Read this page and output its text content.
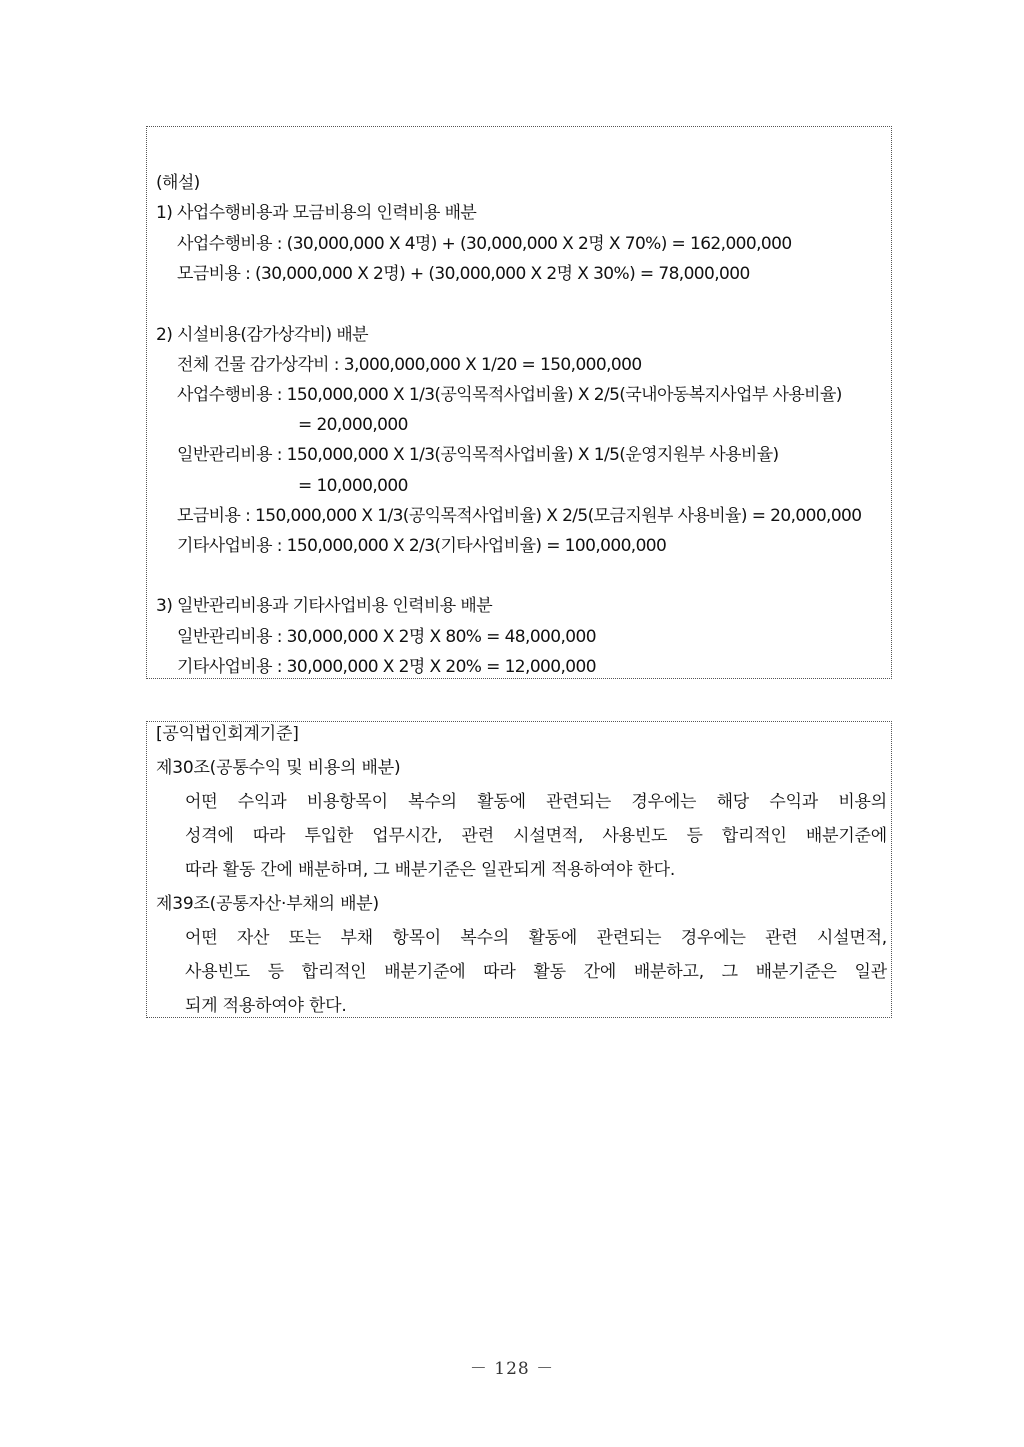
(해설)
1) 사업수행비용과 모금비용의 인력비용 배분
사업수행비용 : (30,000,000 X 4명) + (30,000,000 X 2명 X 70%) = 162,000,000
모금비용 : (30,000,000 X 2명) + (30,000,000 X 2명 X 30%) = 78,000,000
2) 시설비용(감가상각비) 배분
전체 건물 감가상각비 : 3,000,000,000 X 1/20 = 150,000,000
사업수행비용 : 150,000,000 X 1/3(공익목적사업비율) X 2/5(국내아동복지사업부 사용비율)
= 20,000,000
일반관리비용 : 150,000,000 X 1/3(공익목적사업비율) X 1/5(운영지원부 사용비율)
= 10,000,000
모금비용 : 150,000,000 X 1/3(공익목적사업비율) X 2/5(모금지원부 사용비율) = 20,000,000
기타사업비용 : 150,000,000 X 2/3(기타사업비율) = 100,000,000
3) 일반관리비용과 기타사업비용 인력비용 배분
일반관리비용 : 30,000,000 X 2명 X 80% = 48,000,000
기타사업비용 : 30,000,000 X 2명 X 20% = 12,000,000
[공익법인회계기준]
제30조(공통수익 및 비용의 배분)
어떤 수익과 비용항목이 복수의 활동에 관련되는 경우에는 해당 수익과 비용의
성격에 따라 투입한 업무시간, 관련 시설면적, 사용빈도 등 합리적인 배분기준에
따라 활동 간에 배분하며, 그 배분기준은 일관되게 적용하여야 한다.
제39조(공통자산·부채의 배분)
어떤 자산 또는 부채 항목이 복수의 활동에 관련되는 경우에는 관련 시설면적,
사용빈도 등 합리적인 배분기준에 따라 활동 간에 배분하고, 그 배분기준은 일관
되게 적용하여야 한다.
－ 128 －
